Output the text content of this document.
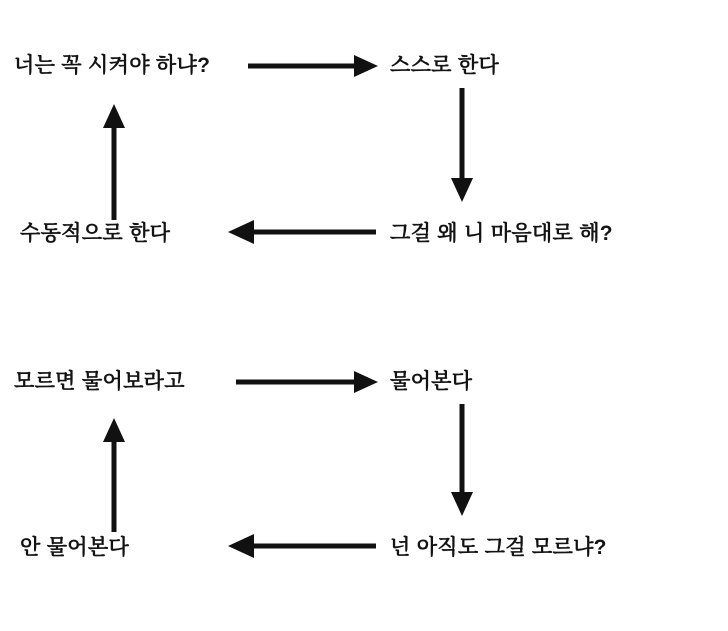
너는 꼭 시켜야 하냐?	스스로 한다
그걸 왜 니 마음대로 해?
수동적으로 한다
모르면 물어보라고	물어본다
넌 아직도 그걸 모르냐?
안 물어본다
